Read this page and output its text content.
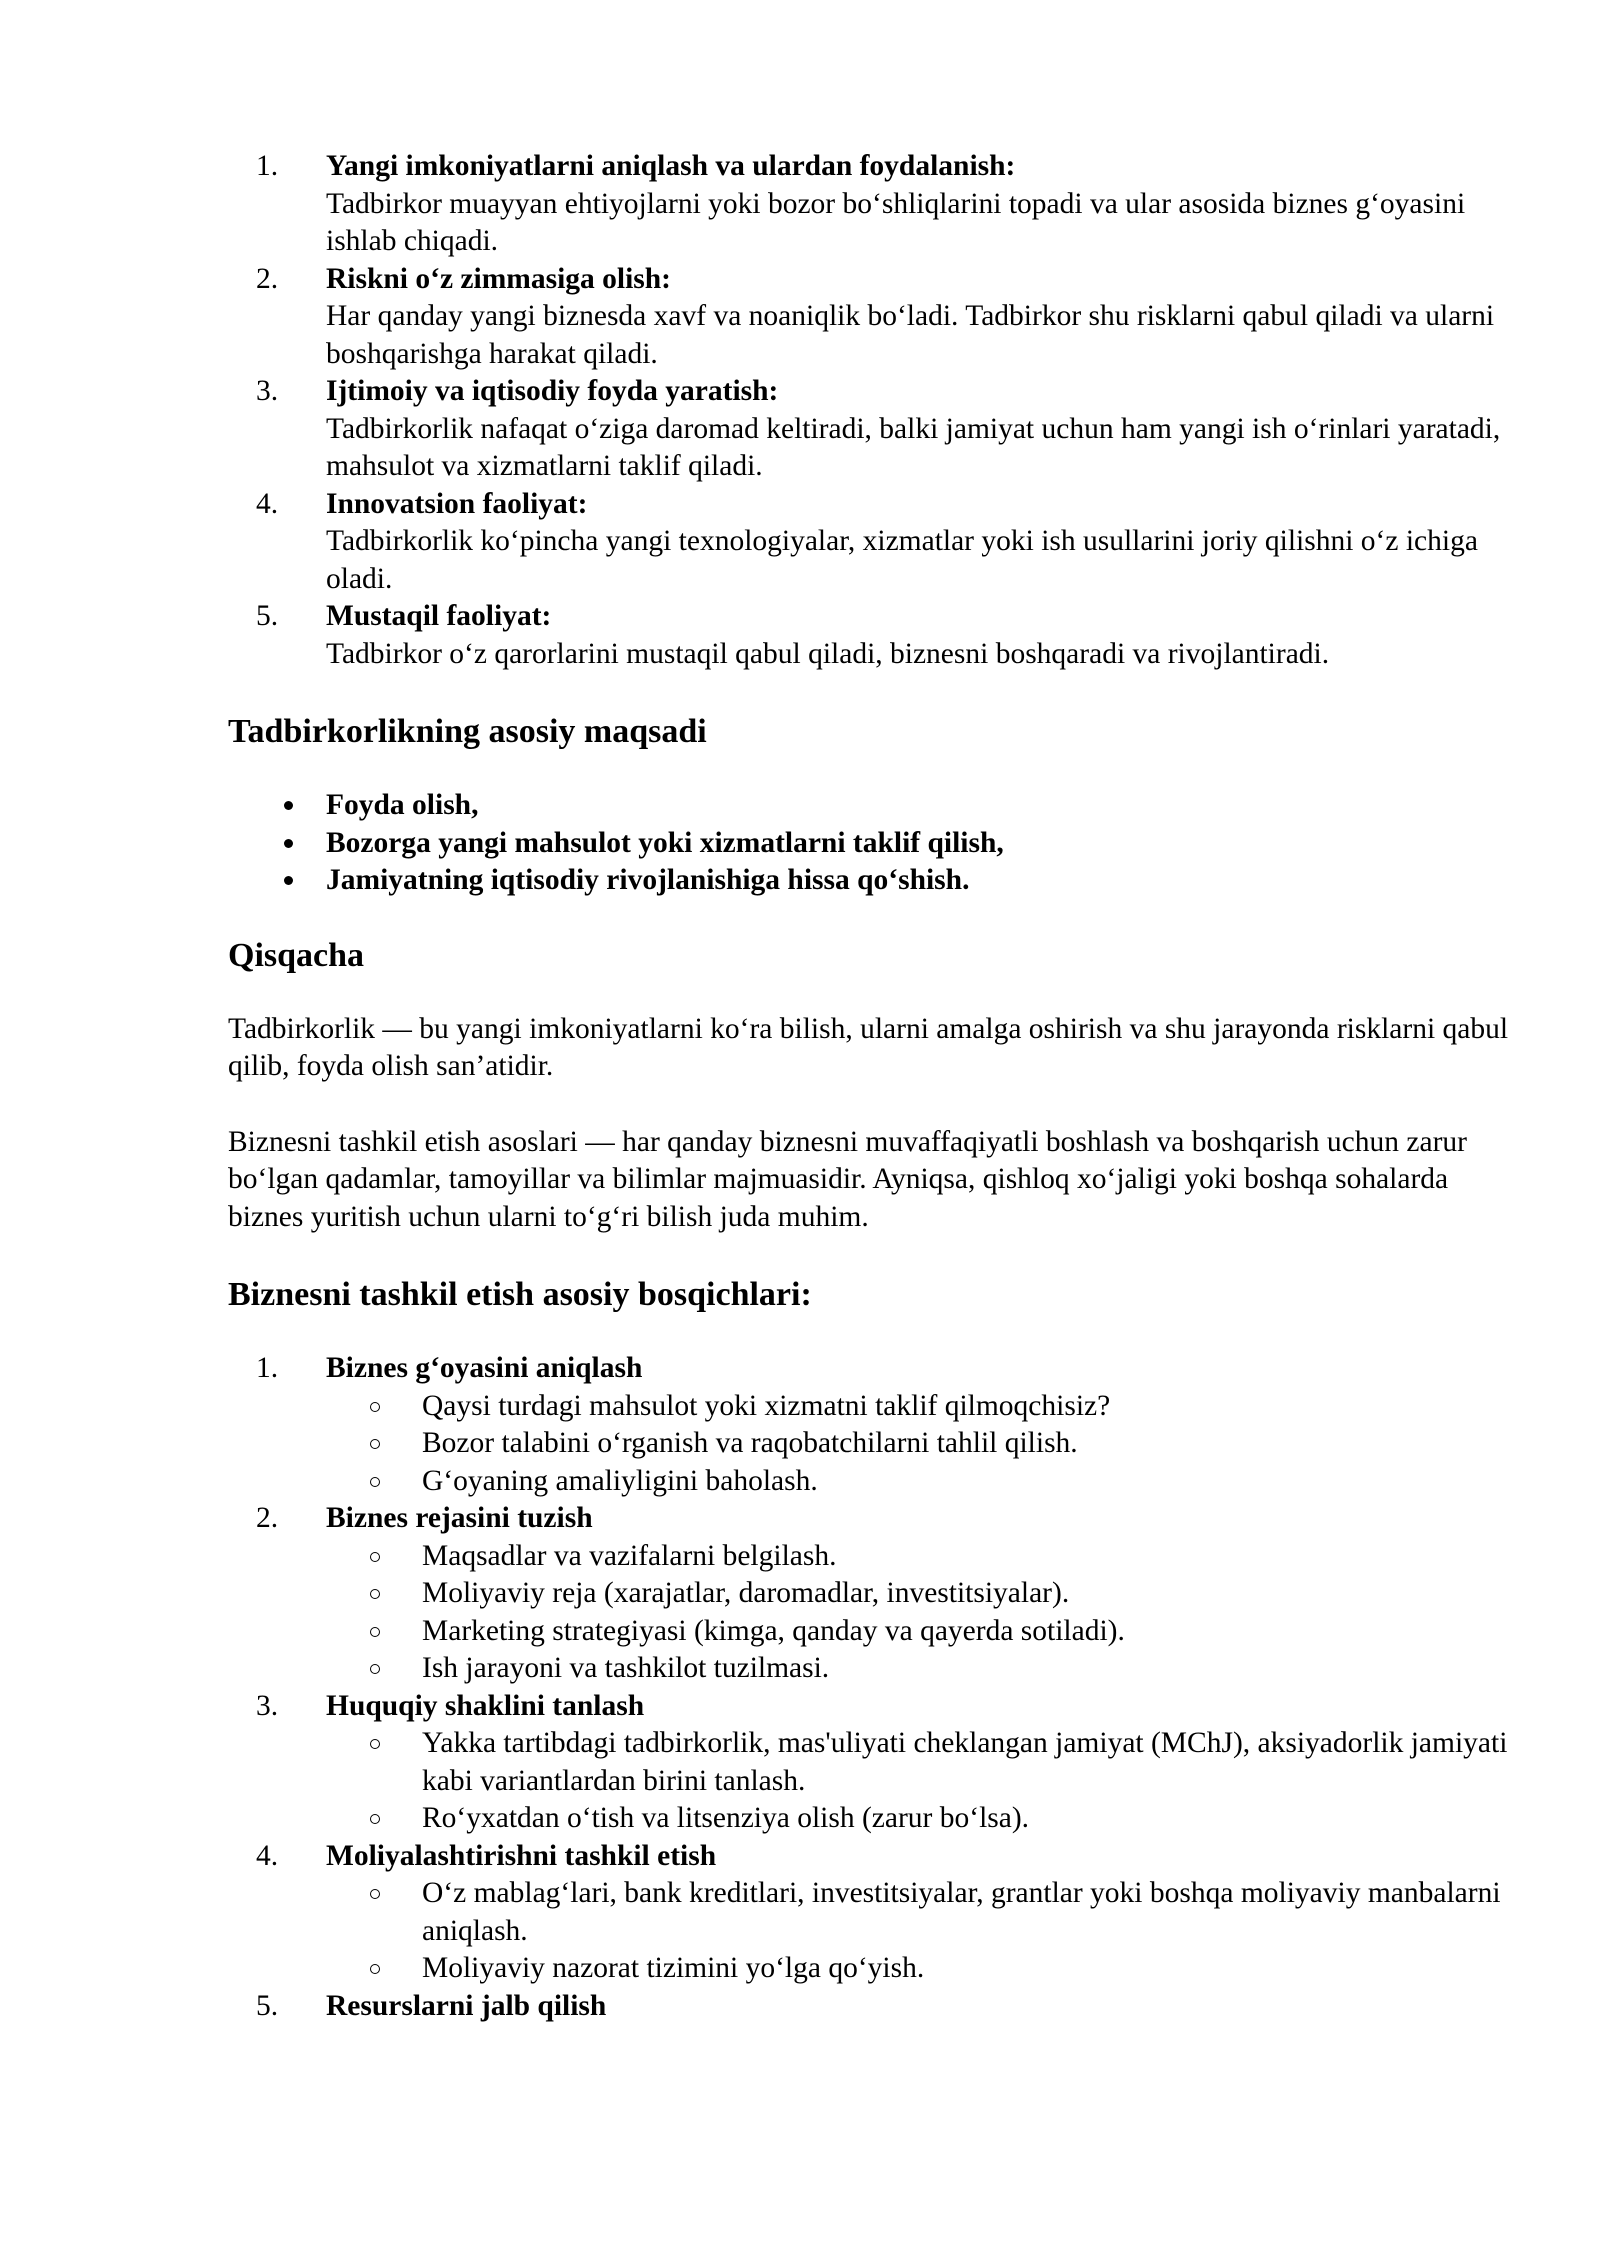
1.	Yangi imkoniyatlarni aniqlash va ulardan foydalanish:
Tadbirkor muayyan ehtiyojlarni yoki bozor bo‘shliqlarini topadi va ular asosida biznes g‘oyasini ishlab chiqadi.
2.	Riskni o‘z zimmasiga olish:
Har qanday yangi biznesda xavf va noaniqlik bo‘ladi. Tadbirkor shu risklarni qabul qiladi va ularni boshqarishga harakat qiladi.
3.	Ijtimoiy va iqtisodiy foyda yaratish:
Tadbirkorlik nafaqat o‘ziga daromad keltiradi, balki jamiyat uchun ham yangi ish o‘rinlari yaratadi, mahsulot va xizmatlarni taklif qiladi.
4.	Innovatsion faoliyat:
Tadbirkorlik ko‘pincha yangi texnologiyalar, xizmatlar yoki ish usullarini joriy qilishni o‘z ichiga oladi.
5.	Mustaqil faoliyat:
Tadbirkor o‘z qarorlarini mustaqil qabul qiladi, biznesni boshqaradi va rivojlantiradi.
Tadbirkorlikning asosiy maqsadi
Foyda olish,
Bozorga yangi mahsulot yoki xizmatlarni taklif qilish,
Jamiyatning iqtisodiy rivojlanishiga hissa qo‘shish.
Qisqacha

Tadbirkorlik — bu yangi imkoniyatlarni ko‘ra bilish, ularni amalga oshirish va shu jarayonda risklarni qabul qilib, foyda olish san’atidir.

Biznesni tashkil etish asoslari — har qanday biznesni muvaffaqiyatli boshlash va boshqarish uchun zarur bo‘lgan qadamlar, tamoyillar va bilimlar majmuasidir. Ayniqsa, qishloq xo‘jaligi yoki boshqa sohalarda biznes yuritish uchun ularni to‘g‘ri bilish juda muhim.

Biznesni tashkil etish asosiy bosqichlari:
1.	Biznes g‘oyasini aniqlash
Qaysi turdagi mahsulot yoki xizmatni taklif qilmoqchisiz?
Bozor talabini o‘rganish va raqobatchilarni tahlil qilish.
G‘oyaning amaliyligini baholash.
2.	Biznes rejasini tuzish
Maqsadlar va vazifalarni belgilash.
Moliyaviy reja (xarajatlar, daromadlar, investitsiyalar).
Marketing strategiyasi (kimga, qanday va qayerda sotiladi).
Ish jarayoni va tashkilot tuzilmasi.
3.	Huquqiy shaklini tanlash
Yakka tartibdagi tadbirkorlik, mas'uliyati cheklangan jamiyat (MChJ), aksiyadorlik jamiyati kabi variantlardan birini tanlash.
Ro‘yxatdan o‘tish va litsenziya olish (zarur bo‘lsa).
4.	Moliyalashtirishni tashkil etish
O‘z mablag‘lari, bank kreditlari, investitsiyalar, grantlar yoki boshqa moliyaviy manbalarni aniqlash.
Moliyaviy nazorat tizimini yo‘lga qo‘yish.
5.	Resurslarni jalb qilish
